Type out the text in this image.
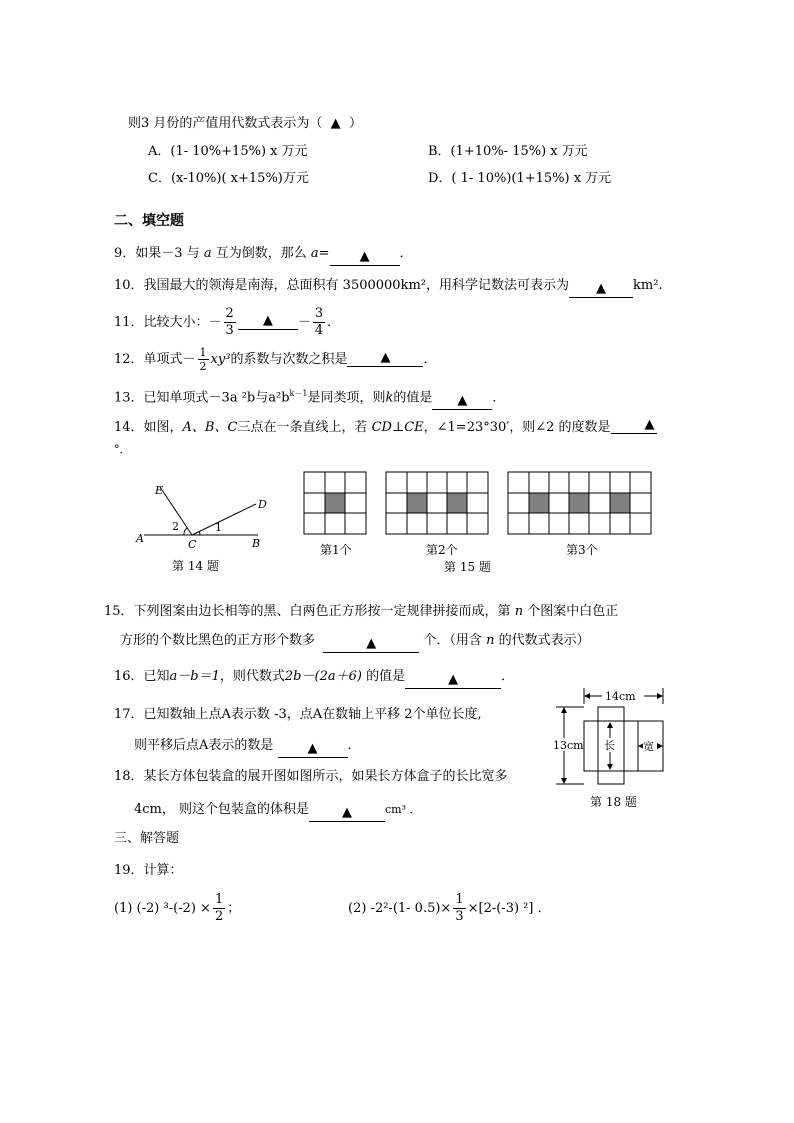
则3 月份的产值用代数式表示为（ ▲ ）
A．(1- 10%+15%) x 万元	B．(1+10%- 15%) x 万元
C．(x-10%)( x+15%)万元	D．( 1- 10%)(1+15%) x 万元
二、填空题
9．如果－3 与 a 互为倒数，那么 a= ▲ ．
10．我国最大的领海是南海，总面积有 3500000km²，用科学记数法可表示为 ▲ km².
11．比较大小：－ $\frac{2}{3}$	▲	－ $\frac{3}{4}$ ．
12．单项式－ $\frac{1}{2} xy^3$ 的系数与次数之积是	▲	．
13．已知单项式－3a ²b与$a^2b^{k-1}$是同类项，则k的值是 ▲ ．
14．如图，A、B、C三点在一条直线上，若 CD⊥CE，∠1=23°30′，则∠2 的度数是	▲
°．
E
D
A	C	B
2	1
第 14 题
第1个	第2个	第3个
第 15 题
15．下列图案由边长相等的黑、白两色正方形按一定规律拼接而成，第 n 个图案中白色正
方形的个数比黑色的正方形个数多	▲	个．（用含 n 的代数式表示）
16．已知a－b＝1，则代数式2b－(2a＋6) 的值是	▲	．
17．已知数轴上点A表示数 -3，点A在数轴上平移 2个单位长度,
则平移后点A表示的数是	▲ ．
14cm
13cm 长	宽
第 18 题
18．某长方体包装盒的展开图如图所示，如果长方体盒子的长比宽多
4cm， 则这个包装盒的体积是	▲	cm³ ．
三、解答题
19．计算：
(1) (-2) $^3-(-2) \times \frac{1}{2}$ ；	(2) -2²-(1- $0.5)\times \frac{1}{3} \times[2-(-3)$ ²] ．
